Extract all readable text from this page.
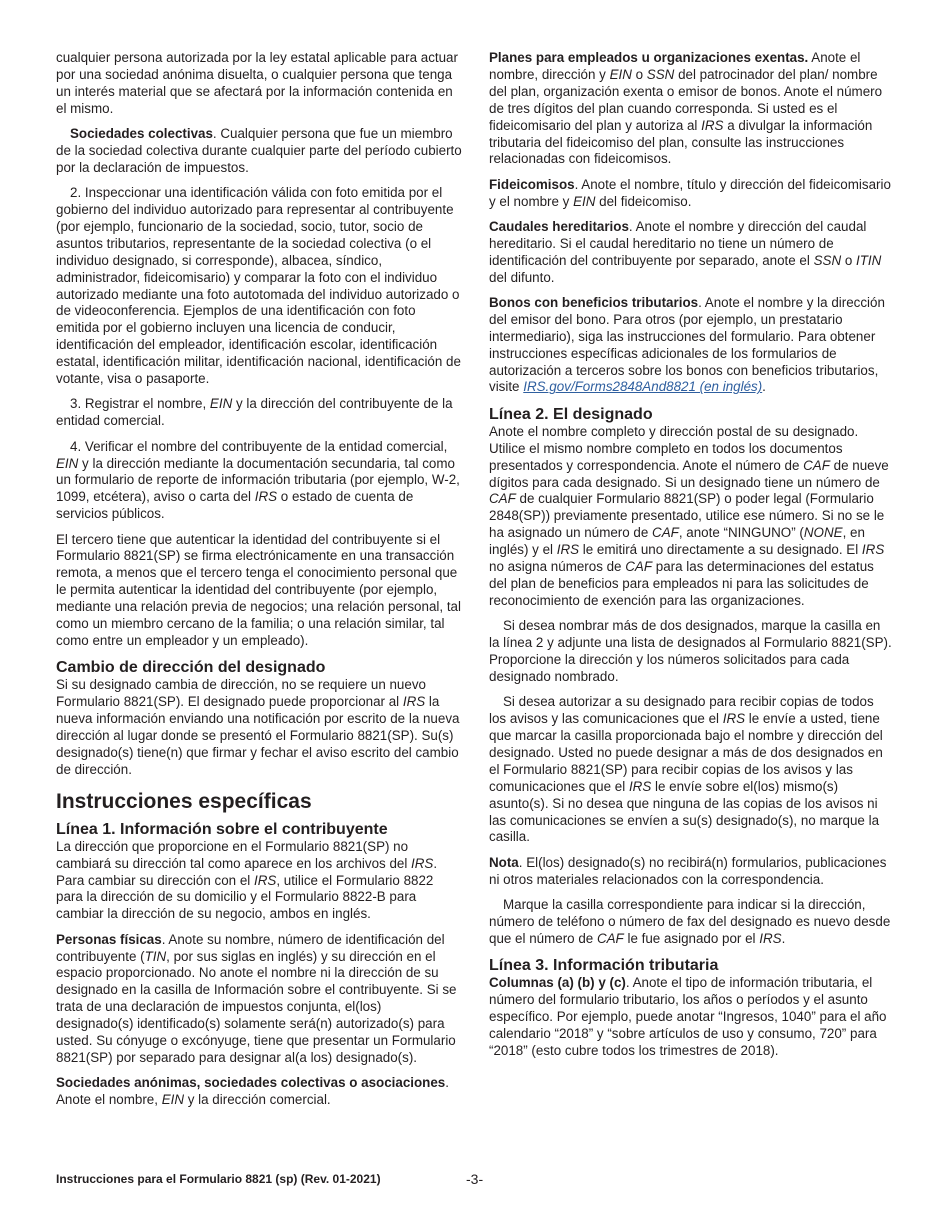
cualquier persona autorizada por la ley estatal aplicable para actuar por una sociedad anónima disuelta, o cualquier persona que tenga un interés material que se afectará por la información contenida en el mismo.

Sociedades colectivas. Cualquier persona que fue un miembro de la sociedad colectiva durante cualquier parte del período cubierto por la declaración de impuestos.

2. Inspeccionar una identificación válida con foto emitida por el gobierno del individuo autorizado para representar al contribuyente (por ejemplo, funcionario de la sociedad, socio, tutor, socio de asuntos tributarios, representante de la sociedad colectiva (o el individuo designado, si corresponde), albacea, síndico, administrador, fideicomisario) y comparar la foto con el individuo autorizado mediante una foto autotomada del individuo autorizado o de videoconferencia. Ejemplos de una identificación con foto emitida por el gobierno incluyen una licencia de conducir, identificación del empleador, identificación escolar, identificación estatal, identificación militar, identificación nacional, identificación de votante, visa o pasaporte.

3. Registrar el nombre, EIN y la dirección del contribuyente de la entidad comercial.

4. Verificar el nombre del contribuyente de la entidad comercial, EIN y la dirección mediante la documentación secundaria, tal como un formulario de reporte de información tributaria (por ejemplo, W-2, 1099, etcétera), aviso o carta del IRS o estado de cuenta de servicios públicos.

El tercero tiene que autenticar la identidad del contribuyente si el Formulario 8821(SP) se firma electrónicamente en una transacción remota, a menos que el tercero tenga el conocimiento personal que le permita autenticar la identidad del contribuyente (por ejemplo, mediante una relación previa de negocios; una relación personal, tal como un miembro cercano de la familia; o una relación similar, tal como entre un empleador y un empleado).

Cambio de dirección del designado

Si su designado cambia de dirección, no se requiere un nuevo Formulario 8821(SP). El designado puede proporcionar al IRS la nueva información enviando una notificación por escrito de la nueva dirección al lugar donde se presentó el Formulario 8821(SP). Su(s) designado(s) tiene(n) que firmar y fechar el aviso escrito del cambio de dirección.

Instrucciones específicas
Línea 1. Información sobre el contribuyente

La dirección que proporcione en el Formulario 8821(SP) no cambiará su dirección tal como aparece en los archivos del IRS. Para cambiar su dirección con el IRS, utilice el Formulario 8822 para la dirección de su domicilio y el Formulario 8822-B para cambiar la dirección de su negocio, ambos en inglés.

Personas físicas. Anote su nombre, número de identificación del contribuyente (TIN, por sus siglas en inglés) y su dirección en el espacio proporcionado. No anote el nombre ni la dirección de su designado en la casilla de Información sobre el contribuyente. Si se trata de una declaración de impuestos conjunta, el(los) designado(s) identificado(s) solamente será(n) autorizado(s) para usted. Su cónyuge o excónyuge, tiene que presentar un Formulario 8821(SP) por separado para designar al(a los) designado(s).

Sociedades anónimas, sociedades colectivas o asociaciones. Anote el nombre, EIN y la dirección comercial.

Planes para empleados u organizaciones exentas. Anote el nombre, dirección y EIN o SSN del patrocinador del plan/ nombre del plan, organización exenta o emisor de bonos. Anote el número de tres dígitos del plan cuando corresponda. Si usted es el fideicomisario del plan y autoriza al IRS a divulgar la información tributaria del fideicomiso del plan, consulte las instrucciones relacionadas con fideicomisos.

Fideicomisos. Anote el nombre, título y dirección del fideicomisario y el nombre y EIN del fideicomiso.

Caudales hereditarios. Anote el nombre y dirección del caudal hereditario. Si el caudal hereditario no tiene un número de identificación del contribuyente por separado, anote el SSN o ITIN del difunto.

Bonos con beneficios tributarios. Anote el nombre y la dirección del emisor del bono. Para otros (por ejemplo, un prestatario intermediario), siga las instrucciones del formulario. Para obtener instrucciones específicas adicionales de los formularios de autorización a terceros sobre los bonos con beneficios tributarios, visite IRS.gov/Forms2848And8821 (en inglés).

Línea 2. El designado

Anote el nombre completo y dirección postal de su designado. Utilice el mismo nombre completo en todos los documentos presentados y correspondencia. Anote el número de CAF de nueve dígitos para cada designado. Si un designado tiene un número de CAF de cualquier Formulario 8821(SP) o poder legal (Formulario 2848(SP)) previamente presentado, utilice ese número. Si no se le ha asignado un número de CAF, anote “NINGUNO” (NONE, en inglés) y el IRS le emitirá uno directamente a su designado. El IRS no asigna números de CAF para las determinaciones del estatus del plan de beneficios para empleados ni para las solicitudes de reconocimiento de exención para las organizaciones.

Si desea nombrar más de dos designados, marque la casilla en la línea 2 y adjunte una lista de designados al Formulario 8821(SP). Proporcione la dirección y los números solicitados para cada designado nombrado.

Si desea autorizar a su designado para recibir copias de todos los avisos y las comunicaciones que el IRS le envíe a usted, tiene que marcar la casilla proporcionada bajo el nombre y dirección del designado. Usted no puede designar a más de dos designados en el Formulario 8821(SP) para recibir copias de los avisos y las comunicaciones que el IRS le envíe sobre el(los) mismo(s) asunto(s). Si no desea que ninguna de las copias de los avisos ni las comunicaciones se envíen a su(s) designado(s), no marque la casilla.

Nota. El(los) designado(s) no recibirá(n) formularios, publicaciones ni otros materiales relacionados con la correspondencia.

Marque la casilla correspondiente para indicar si la dirección, número de teléfono o número de fax del designado es nuevo desde que el número de CAF le fue asignado por el IRS.

Línea 3. Información tributaria

Columnas (a) (b) y (c). Anote el tipo de información tributaria, el número del formulario tributario, los años o períodos y el asunto específico. Por ejemplo, puede anotar “Ingresos, 1040” para el año calendario “2018” y “sobre artículos de uso y consumo, 720” para “2018” (esto cubre todos los trimestres de 2018).

Instrucciones para el Formulario 8821 (sp) (Rev. 01-2021)	-3-
